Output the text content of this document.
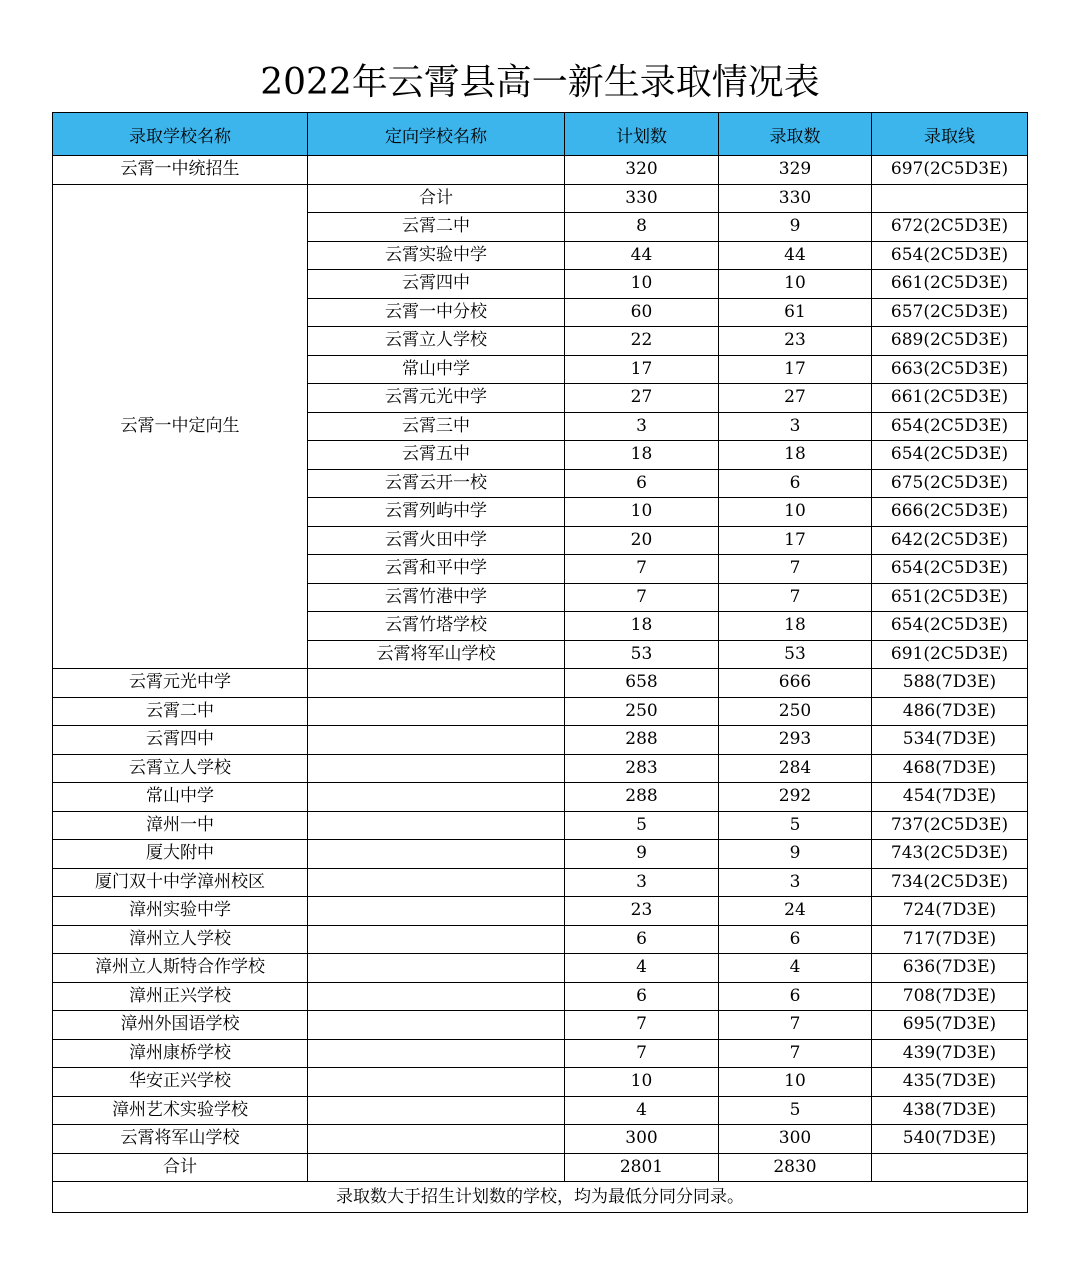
2022年云霄县高一新生录取情况表
录取学校名称	定向学校名称	计划数	录取数	录取线
云霄一中统招生		320	329	697(2C5D3E)
云霄一中定向生	合计	330	330	
	云霄二中	8	9	672(2C5D3E)
	云霄实验中学	44	44	654(2C5D3E)
	云霄四中	10	10	661(2C5D3E)
	云霄一中分校	60	61	657(2C5D3E)
	云霄立人学校	22	23	689(2C5D3E)
	常山中学	17	17	663(2C5D3E)
	云霄元光中学	27	27	661(2C5D3E)
	云霄三中	3	3	654(2C5D3E)
	云霄五中	18	18	654(2C5D3E)
	云霄云开一校	6	6	675(2C5D3E)
	云霄列屿中学	10	10	666(2C5D3E)
	云霄火田中学	20	17	642(2C5D3E)
	云霄和平中学	7	7	654(2C5D3E)
	云霄竹港中学	7	7	651(2C5D3E)
	云霄竹塔学校	18	18	654(2C5D3E)
	云霄将军山学校	53	53	691(2C5D3E)
云霄元光中学		658	666	588(7D3E)
云霄二中		250	250	486(7D3E)
云霄四中		288	293	534(7D3E)
云霄立人学校		283	284	468(7D3E)
常山中学		288	292	454(7D3E)
漳州一中		5	5	737(2C5D3E)
厦大附中		9	9	743(2C5D3E)
厦门双十中学漳州校区		3	3	734(2C5D3E)
漳州实验中学		23	24	724(7D3E)
漳州立人学校		6	6	717(7D3E)
漳州立人斯特合作学校		4	4	636(7D3E)
漳州正兴学校		6	6	708(7D3E)
漳州外国语学校		7	7	695(7D3E)
漳州康桥学校		7	7	439(7D3E)
华安正兴学校		10	10	435(7D3E)
漳州艺术实验学校		4	5	438(7D3E)
云霄将军山学校		300	300	540(7D3E)
合计		2801	2830	
录取数大于招生计划数的学校，均为最低分同分同录。				
